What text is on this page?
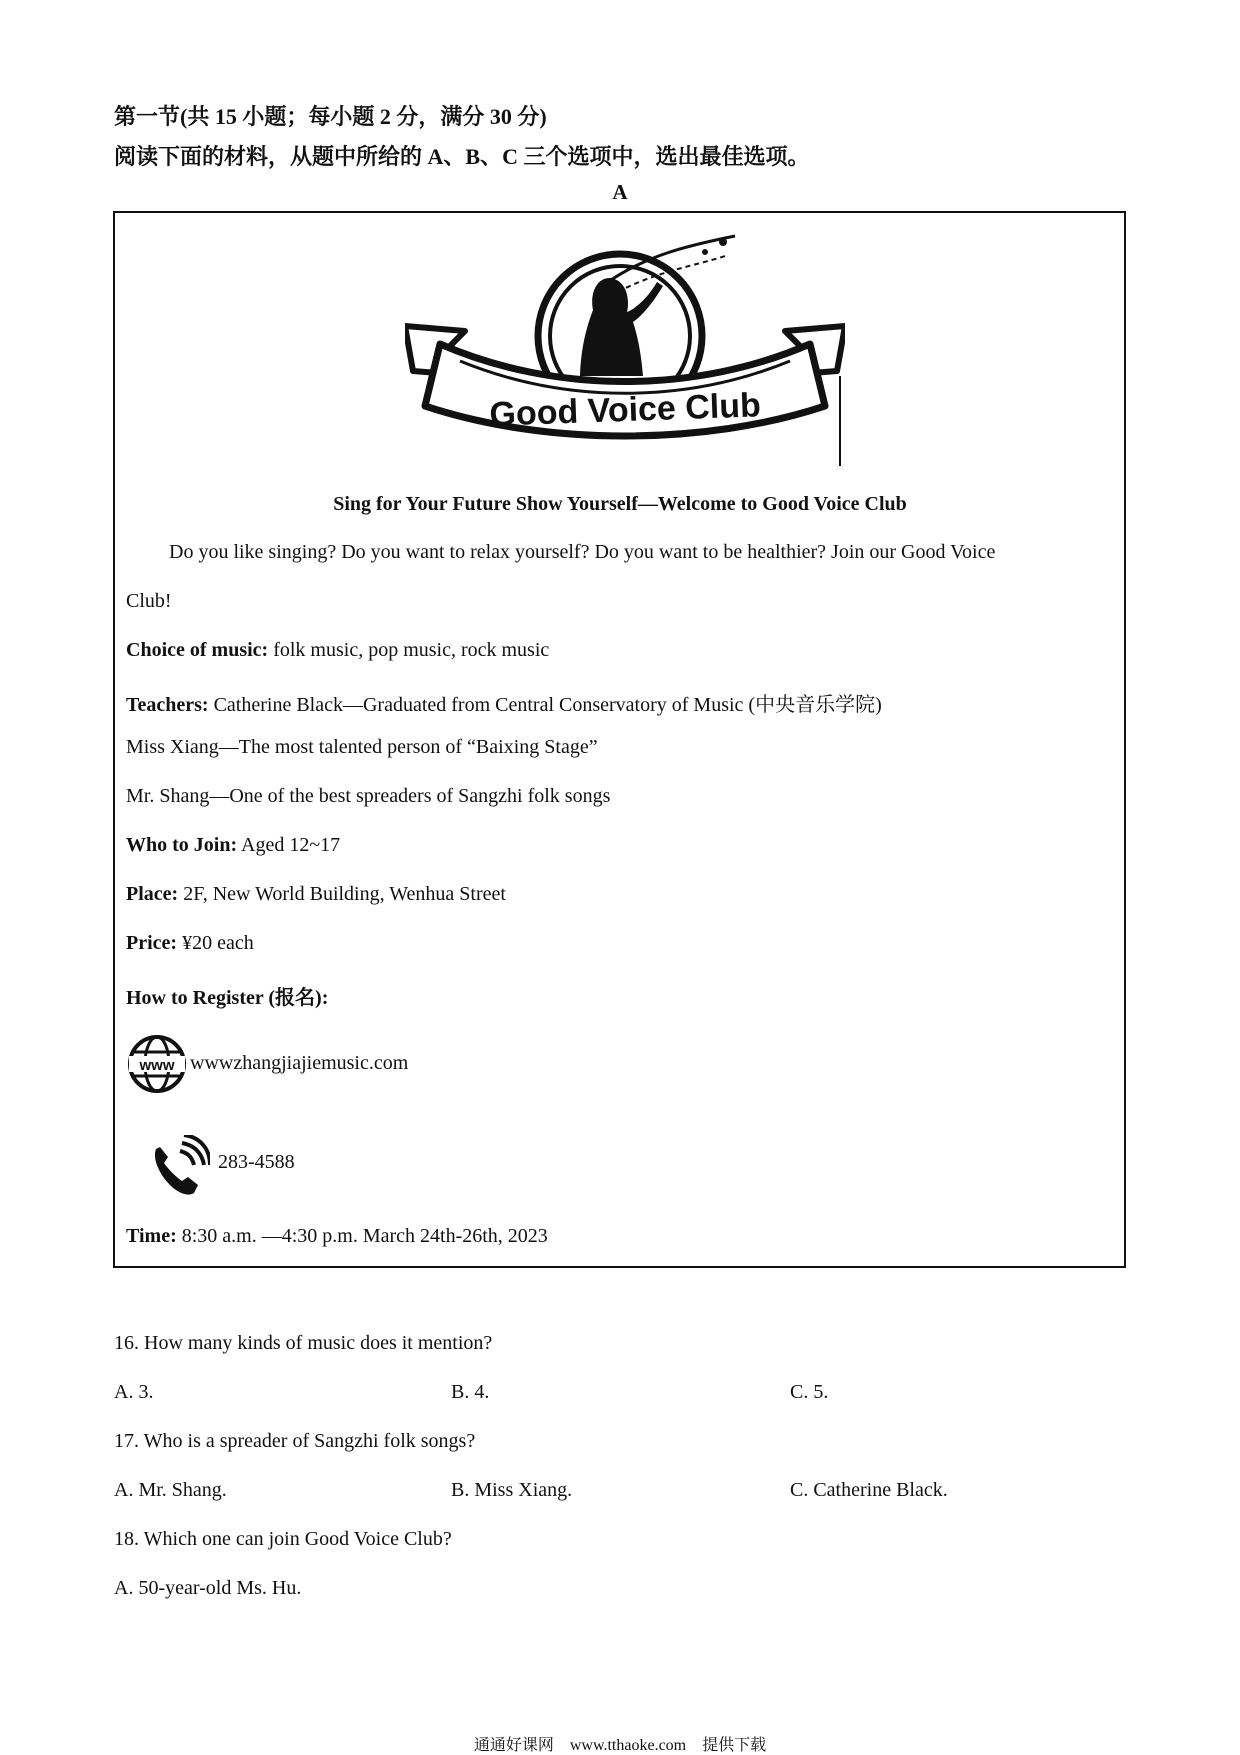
第一节(共 15 小题；每小题 2 分，满分 30 分)
阅读下面的材料，从题中所给的 A、B、C 三个选项中，选出最佳选项。
A
Good Voice Club
Sing for Your Future Show Yourself—Welcome to Good Voice Club
Do you like singing? Do you want to relax yourself? Do you want to be healthier? Join our Good Voice
Club!
Choice of music: folk music, pop music, rock music
Teachers: Catherine Black—Graduated from Central Conservatory of Music (中央音乐学院)
Miss Xiang—The most talented person of “Baixing Stage”
Mr. Shang—One of the best spreaders of Sangzhi folk songs
Who to Join: Aged 12~17
Place: 2F, New World Building, Wenhua Street
Price: ¥20 each
How to Register (报名):
www wwwzhangjiajiemusic.com
283-4588
Time: 8:30 a.m. —4:30 p.m. March 24th-26th, 2023
16. How many kinds of music does it mention?
A. 3.	B. 4.	C. 5.
17. Who is a spreader of Sangzhi folk songs?
A. Mr. Shang.	B. Miss Xiang.	C. Catherine Black.
18. Which one can join Good Voice Club?
A. 50-year-old Ms. Hu.
通通好课网　www.tthaoke.com　提供下载
